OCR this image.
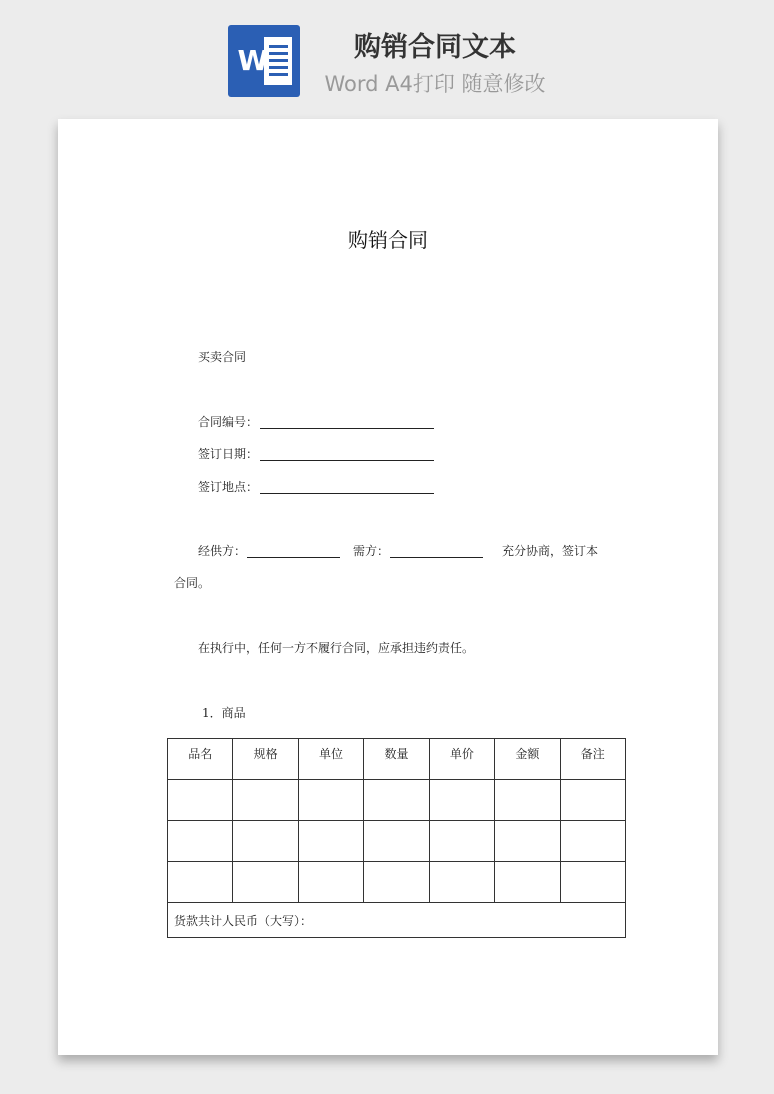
W	购销合同文本
Word A4打印 随意修改
购销合同
买卖合同
合同编号：
签订日期：
签订地点：
经供方：	需方：	充分协商，签订本
合同。
在执行中，任何一方不履行合同，应承担违约责任。
1．商品
品名	规格	单位	数量	单价	金额	备注

货款共计人民币（大写）：						
